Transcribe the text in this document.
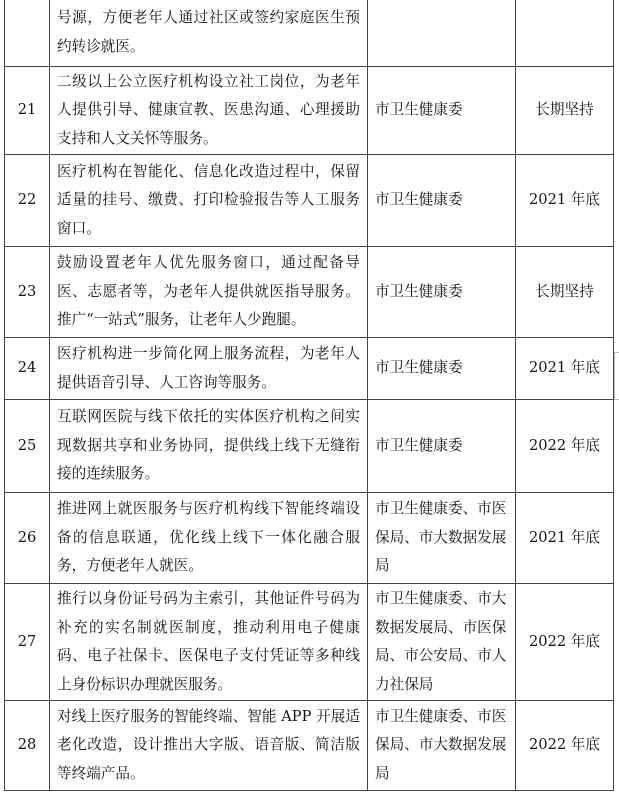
	号源，方便老年人通过社区或签约家庭医生预约转诊就医。		
21	二级以上公立医疗机构设立社工岗位，为老年人提供引导、健康宣教、医患沟通、心理援助支持和人文关怀等服务。	市卫生健康委	长期坚持
22	医疗机构在智能化、信息化改造过程中，保留适量的挂号、缴费、打印检验报告等人工服务窗口。	市卫生健康委	2021 年底
23	鼓励设置老年人优先服务窗口，通过配备导医、志愿者等，为老年人提供就医指导服务。推广“一站式”服务，让老年人少跑腿。	市卫生健康委	长期坚持
24	医疗机构进一步简化网上服务流程，为老年人提供语音引导、人工咨询等服务。	市卫生健康委	2021 年底
25	互联网医院与线下依托的实体医疗机构之间实现数据共享和业务协同，提供线上线下无缝衔接的连续服务。	市卫生健康委	2022 年底
26	推进网上就医服务与医疗机构线下智能终端设备的信息联通，优化线上线下一体化融合服务，方便老年人就医。	市卫生健康委、市医保局、市大数据发展局	2021 年底
27	推行以身份证号码为主索引，其他证件号码为补充的实名制就医制度，推动利用电子健康码、电子社保卡、医保电子支付凭证等多种线上身份标识办理就医服务。	市卫生健康委、市大数据发展局、市医保局、市公安局、市人力社保局	2022 年底
28	对线上医疗服务的智能终端、智能 APP 开展适老化改造，设计推出大字版、语音版、简洁版等终端产品。	市卫生健康委、市医保局、市大数据发展局	2022 年底
